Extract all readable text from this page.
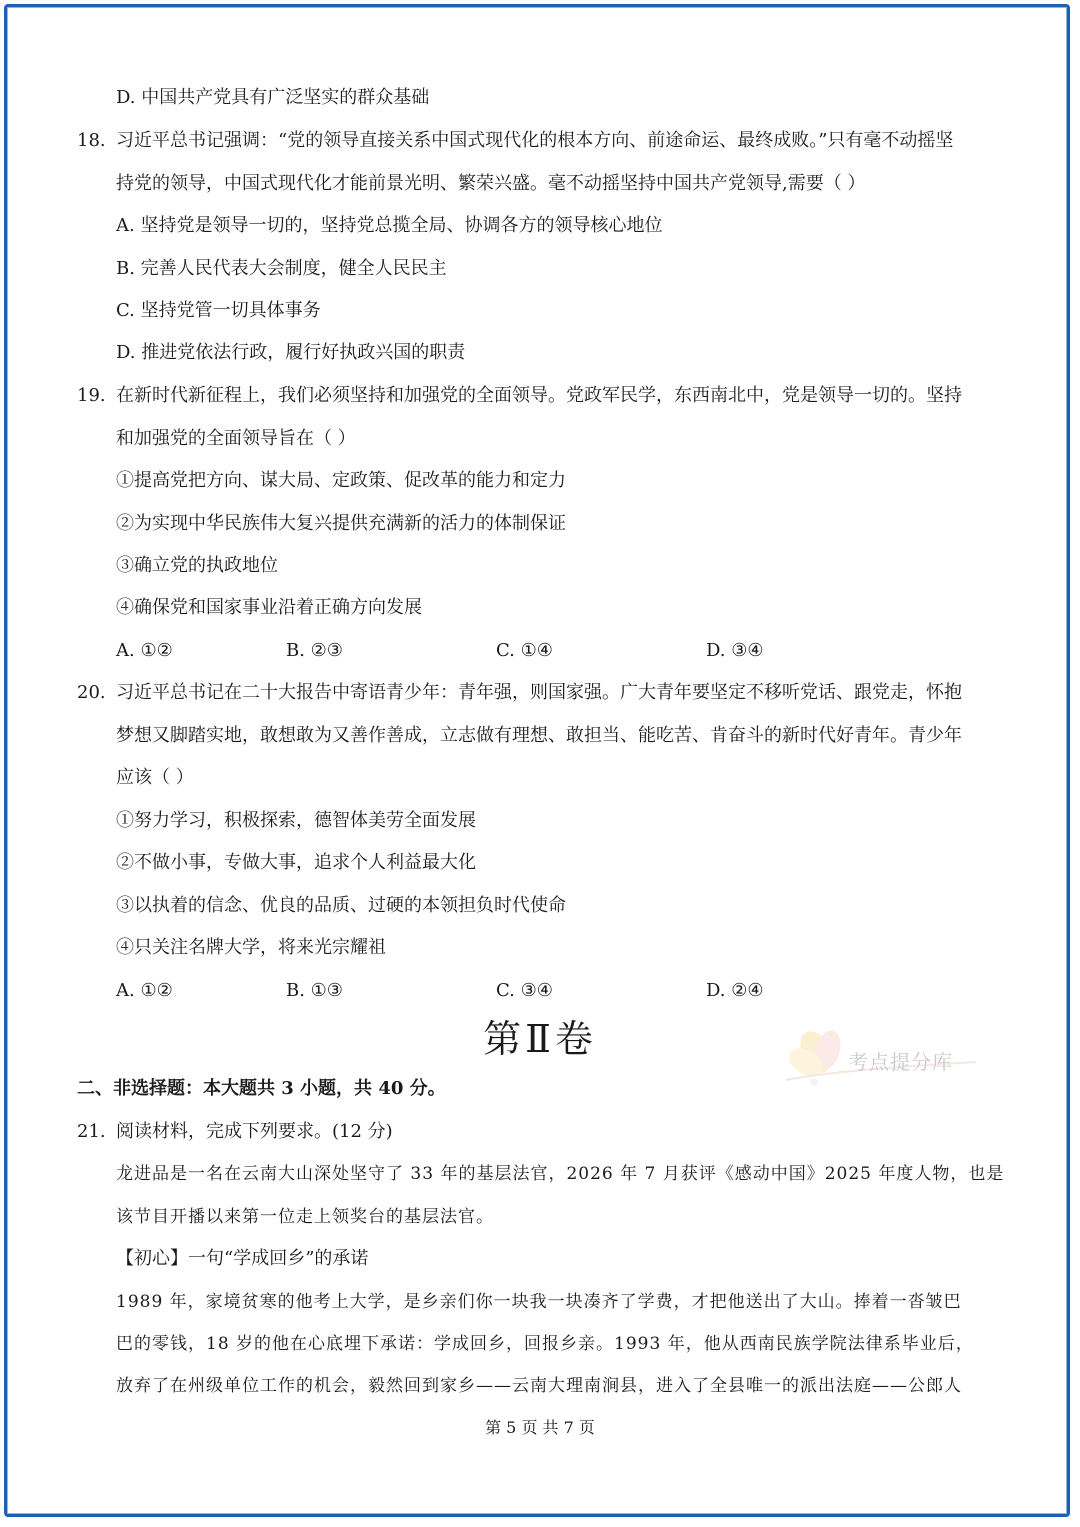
D. 中国共产党具有广泛坚实的群众基础
18. 习近平总书记强调：“党的领导直接关系中国式现代化的根本方向、前途命运、最终成败。”只有毫不动摇坚
持党的领导，中国式现代化才能前景光明、繁荣兴盛。毫不动摇坚持中国共产党领导,需要（ ）
A. 坚持党是领导一切的，坚持党总揽全局、协调各方的领导核心地位
B. 完善人民代表大会制度，健全人民民主
C. 坚持党管一切具体事务
D. 推进党依法行政，履行好执政兴国的职责
19. 在新时代新征程上，我们必须坚持和加强党的全面领导。党政军民学，东西南北中，党是领导一切的。坚持
和加强党的全面领导旨在（ ）
①提高党把方向、谋大局、定政策、促改革的能力和定力
②为实现中华民族伟大复兴提供充满新的活力的体制保证
③确立党的执政地位
④确保党和国家事业沿着正确方向发展
A. ①②	B. ②③	C. ①④	D. ③④
20. 习近平总书记在二十大报告中寄语青少年：青年强，则国家强。广大青年要坚定不移听党话、跟党走，怀抱
梦想又脚踏实地，敢想敢为又善作善成，立志做有理想、敢担当、能吃苦、肯奋斗的新时代好青年。青少年
应该（ ）
①努力学习，积极探索，德智体美劳全面发展
②不做小事，专做大事，追求个人利益最大化
③以执着的信念、优良的品质、过硬的本领担负时代使命
④只关注名牌大学，将来光宗耀祖
A. ①②	B. ①③	C. ③④	D. ②④
第Ⅱ卷
考点提分库
二、非选择题：本大题共 3 小题，共 40 分。
21. 阅读材料，完成下列要求。(12 分)
龙进品是一名在云南大山深处坚守了 33 年的基层法官，2026 年 7 月获评《感动中国》2025 年度人物，也是
该节目开播以来第一位走上领奖台的基层法官。
【初心】一句“学成回乡”的承诺
1989 年，家境贫寒的他考上大学，是乡亲们你一块我一块凑齐了学费，才把他送出了大山。捧着一沓皱巴
巴的零钱，18 岁的他在心底埋下承诺：学成回乡，回报乡亲。1993 年，他从西南民族学院法律系毕业后，
放弃了在州级单位工作的机会，毅然回到家乡——云南大理南涧县，进入了全县唯一的派出法庭——公郎人
第 5 页 共 7 页
